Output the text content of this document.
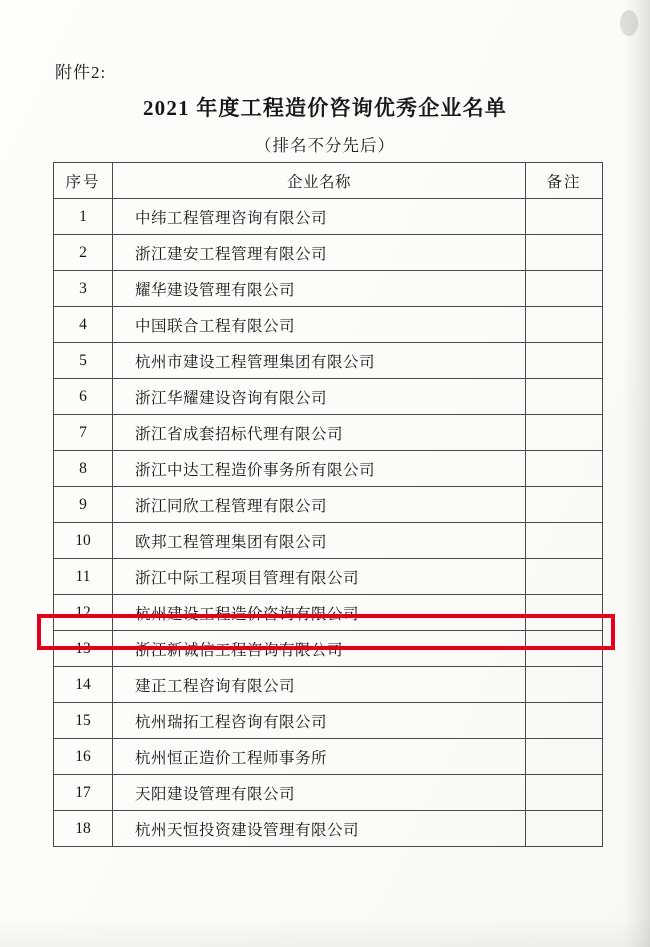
附件2:
2021 年度工程造价咨询优秀企业名单
（排名不分先后）
序号	企业名称	备注
1	中纬工程管理咨询有限公司	
2	浙江建安工程管理有限公司	
3	耀华建设管理有限公司	
4	中国联合工程有限公司	
5	杭州市建设工程管理集团有限公司	
6	浙江华耀建设咨询有限公司	
7	浙江省成套招标代理有限公司	
8	浙江中达工程造价事务所有限公司	
9	浙江同欣工程管理有限公司	
10	欧邦工程管理集团有限公司	
11	浙江中际工程项目管理有限公司	
12	杭州建设工程造价咨询有限公司	
13	浙江新诚信工程咨询有限公司	
14	建正工程咨询有限公司	
15	杭州瑞拓工程咨询有限公司	
16	杭州恒正造价工程师事务所	
17	天阳建设管理有限公司	
18	杭州天恒投资建设管理有限公司	
